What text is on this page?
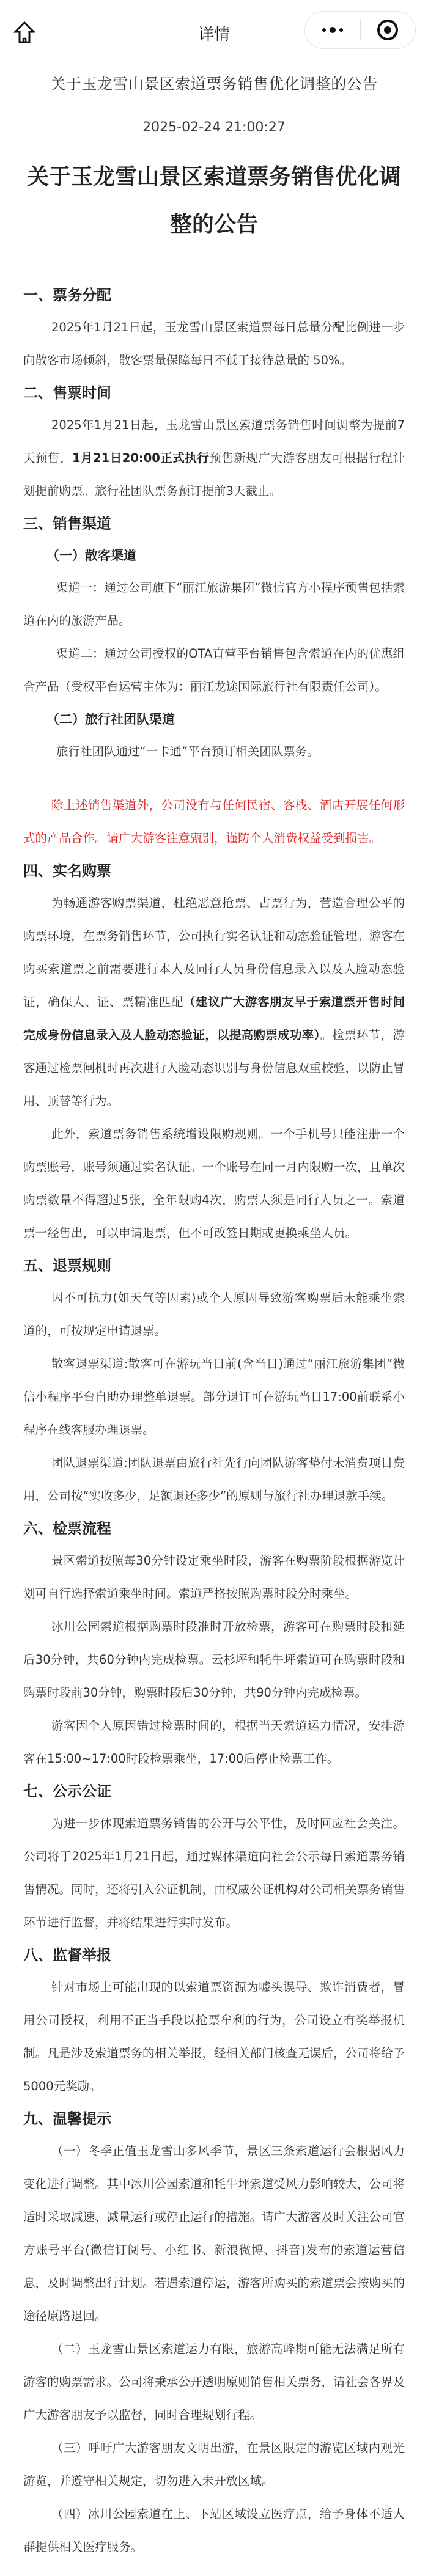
详情
关于玉龙雪山景区索道票务销售优化调整的公告
2025-02-24 21:00:27
关于玉龙雪山景区索道票务销售优化调整的公告
一、票务分配
2025年1月21日起，玉龙雪山景区索道票每日总量分配比例进一步向散客市场倾斜，散客票量保障每日不低于接待总量的 50%。
二、售票时间
2025年1月21日起，玉龙雪山景区索道票务销售时间调整为提前7天预售，1月21日20:00正式执行预售新规广大游客朋友可根据行程计划提前购票。旅行社团队票务预订提前3天截止。
三、销售渠道
（一）散客渠道
渠道一：通过公司旗下“丽江旅游集团”微信官方小程序预售包括索道在内的旅游产品。
渠道二：通过公司授权的OTA直营平台销售包含索道在内的优惠组合产品（受权平台运营主体为：丽江龙途国际旅行社有限责任公司）。
（二）旅行社团队渠道
旅行社团队通过“一卡通”平台预订相关团队票务。
除上述销售渠道外，公司没有与任何民宿、客栈、酒店开展任何形式的产品合作。请广大游客注意甄别，谨防个人消费权益受到损害。
四、实名购票
为畅通游客购票渠道，杜绝恶意抢票、占票行为，营造合理公平的购票环境，在票务销售环节，公司执行实名认证和动态验证管理。游客在购买索道票之前需要进行本人及同行人员身份信息录入以及人脸动态验证，确保人、证、票精准匹配（建议广大游客朋友早于索道票开售时间完成身份信息录入及人脸动态验证，以提高购票成功率）。检票环节，游客通过检票闸机时再次进行人脸动态识别与身份信息双重校验，以防止冒用、顶替等行为。
此外，索道票务销售系统增设限购规则。一个手机号只能注册一个购票账号，账号须通过实名认证。一个账号在同一月内限购一次，且单次购票数量不得超过5张，全年限购4次，购票人须是同行人员之一。索道票一经售出，可以申请退票，但不可改签日期或更换乘坐人员。
五、退票规则
因不可抗力(如天气等因素)或个人原因导致游客购票后未能乘坐索道的，可按规定申请退票。
散客退票渠道:散客可在游玩当日前(含当日)通过“丽江旅游集团”微信小程序平台自助办理整单退票。部分退订可在游玩当日17:00前联系小程序在线客服办理退票。
团队退票渠道:团队退票由旅行社先行向团队游客垫付未消费项目费用，公司按“实收多少，足额退还多少”的原则与旅行社办理退款手续。
六、检票流程
景区索道按照每30分钟设定乘坐时段，游客在购票阶段根据游览计划可自行选择索道乘坐时间。索道严格按照购票时段分时乘坐。
冰川公园索道根据购票时段准时开放检票，游客可在购票时段和延后30分钟，共60分钟内完成检票。云杉坪和牦牛坪索道可在购票时段和购票时段前30分钟，购票时段后30分钟，共90分钟内完成检票。
游客因个人原因错过检票时间的，根据当天索道运力情况，安排游客在15:00~17:00时段检票乘坐，17:00后停止检票工作。
七、公示公证
为进一步体现索道票务销售的公开与公平性，及时回应社会关注。公司将于2025年1月21日起，通过媒体渠道向社会公示每日索道票务销售情况。同时，还将引入公证机制，由权威公证机构对公司相关票务销售环节进行监督，并将结果进行实时发布。
八、监督举报
针对市场上可能出现的以索道票资源为噱头误导、欺诈消费者，冒用公司授权，利用不正当手段以抢票牟利的行为，公司设立有奖举报机制。凡是涉及索道票务的相关举报，经相关部门核查无误后，公司将给予5000元奖励。
九、温馨提示
（一）冬季正值玉龙雪山多风季节，景区三条索道运行会根据风力变化进行调整。其中冰川公园索道和牦牛坪索道受风力影响较大，公司将适时采取减速、减量运行或停止运行的措施。请广大游客及时关注公司官方账号平台(微信订阅号、小红书、新浪微博、抖音)发布的索道运营信息，及时调整出行计划。若遇索道停运，游客所购买的索道票会按购买的途径原路退回。
（二）玉龙雪山景区索道运力有限，旅游高峰期可能无法满足所有游客的购票需求。公司将秉承公开透明原则销售相关票务，请社会各界及广大游客朋友予以监督，同时合理规划行程。
（三）呼吁广大游客朋友文明出游，在景区限定的游览区域内观光游览，并遵守相关规定，切勿进入未开放区域。
（四）冰川公园索道在上、下站区域设立医疗点，给予身体不适人群提供相关医疗服务。
